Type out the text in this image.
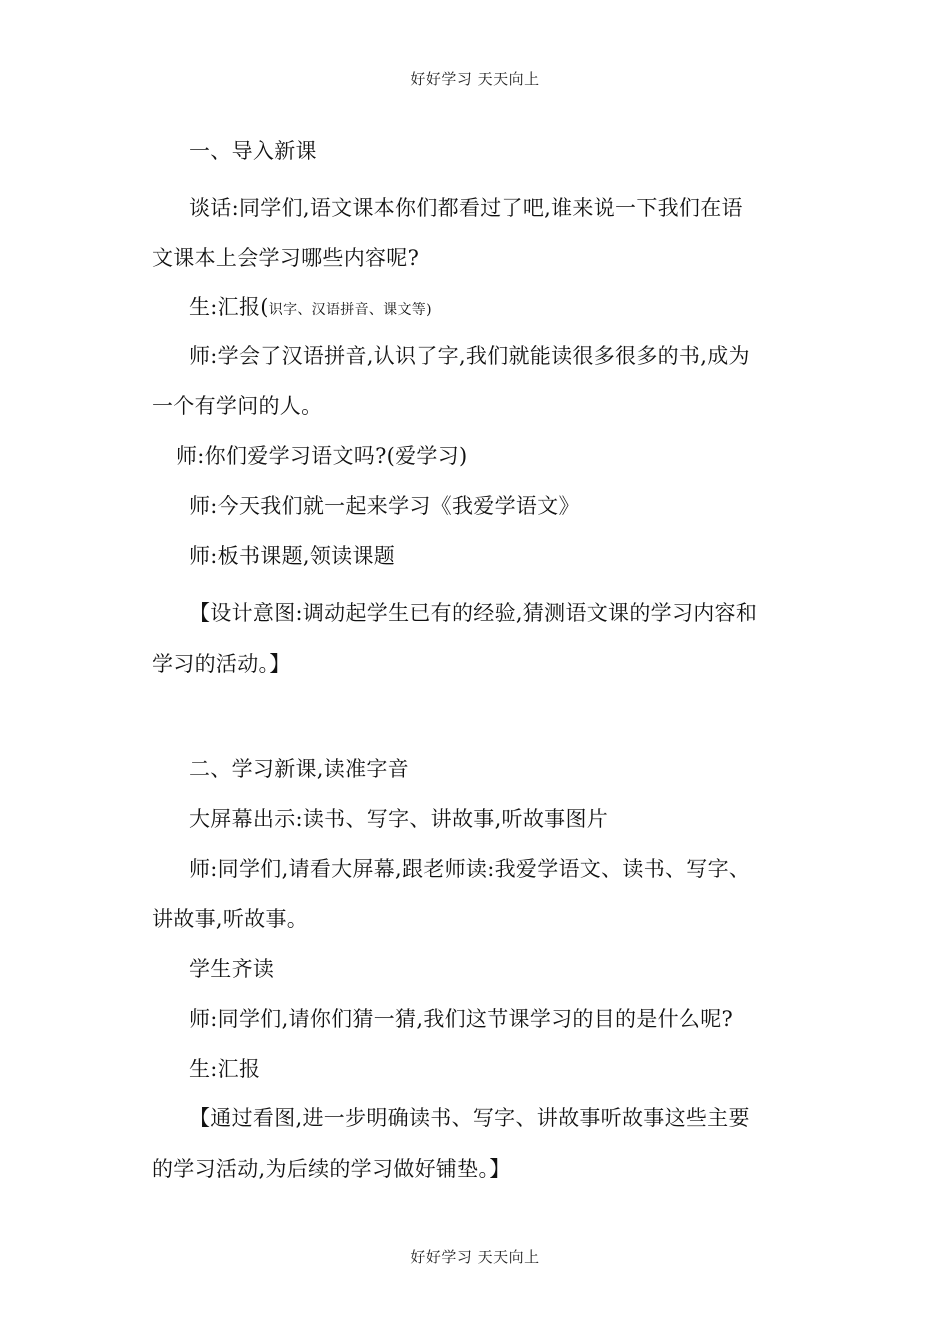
好好学习 天天向上
一、导入新课
谈话:同学们,语文课本你们都看过了吧,谁来说一下我们在语
文课本上会学习哪些内容呢?
生:汇报(识字、汉语拼音、课文等)
师:学会了汉语拼音,认识了字,我们就能读很多很多的书,成为
一个有学问的人。
师:你们爱学习语文吗?(爱学习)
师:今天我们就一起来学习《我爱学语文》
师:板书课题,领读课题
【设计意图:调动起学生已有的经验,猜测语文课的学习内容和
学习的活动。】
二、学习新课,读准字音
大屏幕出示:读书、写字、讲故事,听故事图片
师:同学们,请看大屏幕,跟老师读:我爱学语文、读书、写字、
讲故事,听故事。
学生齐读
师:同学们,请你们猜一猜,我们这节课学习的目的是什么呢?
生:汇报
【通过看图,进一步明确读书、写字、讲故事听故事这些主要
的学习活动,为后续的学习做好铺垫。】
好好学习 天天向上
